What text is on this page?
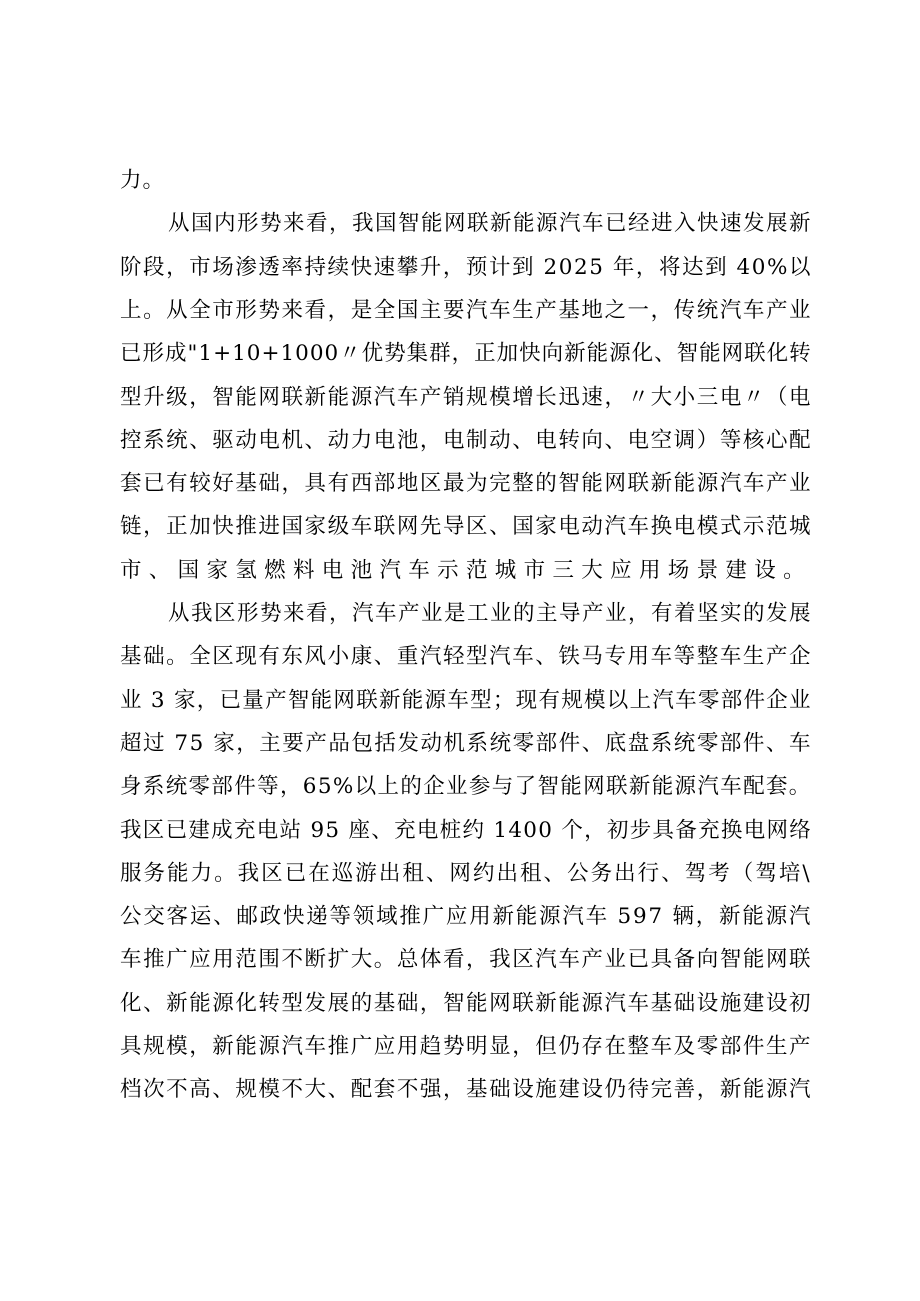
力。
从国内形势来看，我国智能网联新能源汽车已经进入快速发展新
阶段，市场渗透率持续快速攀升，预计到 2025 年，将达到 40%以
上。从全市形势来看，是全国主要汽车生产基地之一，传统汽车产业
已形成"1+10+1000〃优势集群，正加快向新能源化、智能网联化转
型升级，智能网联新能源汽车产销规模增长迅速，〃大小三电〃（电
控系统、驱动电机、动力电池，电制动、电转向、电空调）等核心配
套已有较好基础，具有西部地区最为完整的智能网联新能源汽车产业
链，正加快推进国家级车联网先导区、国家电动汽车换电模式示范城
市、国家氢燃料电池汽车示范城市三大应用场景建设。
从我区形势来看，汽车产业是工业的主导产业，有着坚实的发展
基础。全区现有东风小康、重汽轻型汽车、铁马专用车等整车生产企
业 3 家，已量产智能网联新能源车型；现有规模以上汽车零部件企业
超过 75 家，主要产品包括发动机系统零部件、底盘系统零部件、车
身系统零部件等，65%以上的企业参与了智能网联新能源汽车配套。
我区已建成充电站 95 座、充电桩约 1400 个，初步具备充换电网络
服务能力。我区已在巡游出租、网约出租、公务出行、驾考（驾培\
公交客运、邮政快递等领域推广应用新能源汽车 597 辆，新能源汽
车推广应用范围不断扩大。总体看，我区汽车产业已具备向智能网联
化、新能源化转型发展的基础，智能网联新能源汽车基础设施建设初
具规模，新能源汽车推广应用趋势明显，但仍存在整车及零部件生产
档次不高、规模不大、配套不强，基础设施建设仍待完善，新能源汽
